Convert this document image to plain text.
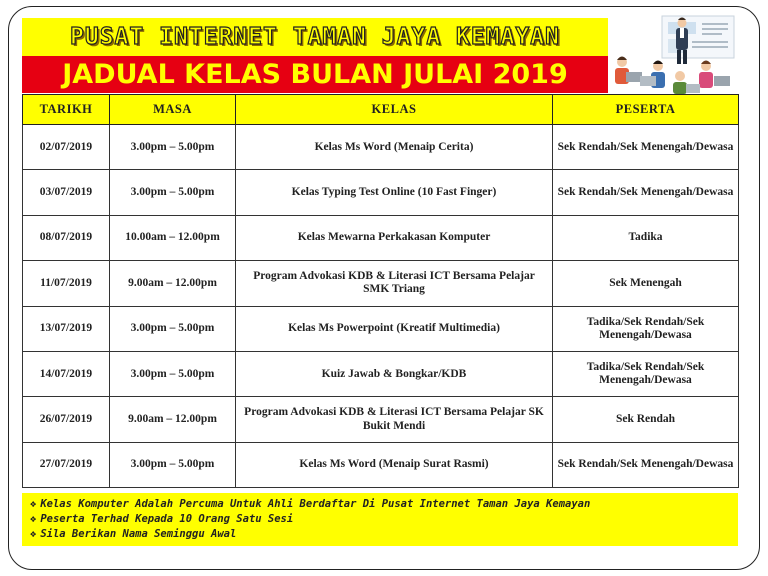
PUSAT INTERNET TAMAN JAYA KEMAYAN
JADUAL KELAS BULAN JULAI 2019
TARIKH	MASA	KELAS	PESERTA
02/07/2019	3.00pm – 5.00pm	Kelas Ms Word (Menaip Cerita)	Sek Rendah/Sek Menengah/Dewasa
03/07/2019	3.00pm – 5.00pm	Kelas Typing Test Online (10 Fast Finger)	Sek Rendah/Sek Menengah/Dewasa
08/07/2019	10.00am – 12.00pm	Kelas Mewarna Perkakasan Komputer	Tadika
11/07/2019	9.00am – 12.00pm	Program Advokasi KDB & Literasi ICT Bersama Pelajar SMK Triang	Sek Menengah
13/07/2019	3.00pm – 5.00pm	Kelas Ms Powerpoint (Kreatif Multimedia)	Tadika/Sek Rendah/Sek Menengah/Dewasa
14/07/2019	3.00pm – 5.00pm	Kuiz Jawab & Bongkar/KDB	Tadika/Sek Rendah/Sek Menengah/Dewasa
26/07/2019	9.00am – 12.00pm	Program Advokasi KDB & Literasi ICT Bersama Pelajar SK Bukit Mendi	Sek Rendah
27/07/2019	3.00pm – 5.00pm	Kelas Ms Word (Menaip Surat Rasmi)	Sek Rendah/Sek Menengah/Dewasa
❖ Kelas Komputer Adalah Percuma Untuk Ahli Berdaftar Di Pusat Internet Taman Jaya Kemayan
❖ Peserta Terhad Kepada 10 Orang Satu Sesi
❖ Sila Berikan Nama Seminggu Awal
